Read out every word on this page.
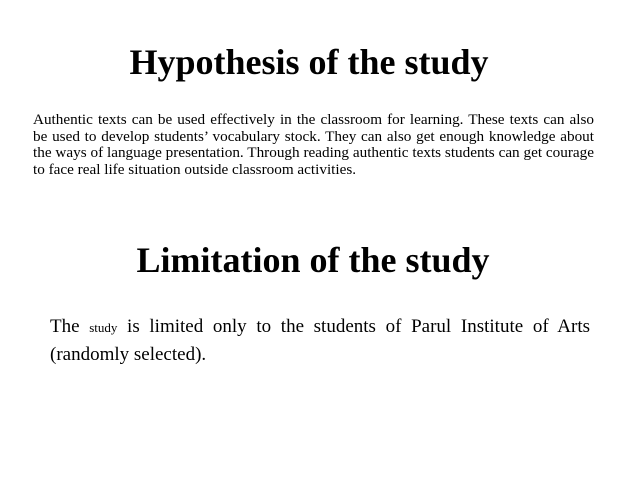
Hypothesis of the study

Authentic texts can be used effectively in the classroom for learning. These texts can also be used to develop students’ vocabulary stock. They can also get enough knowledge about the ways of language presentation. Through reading authentic texts students can get courage to face real life situation outside classroom activities.

Limitation of the study

The study is limited only to the students of Parul Institute of Arts (randomly selected).
